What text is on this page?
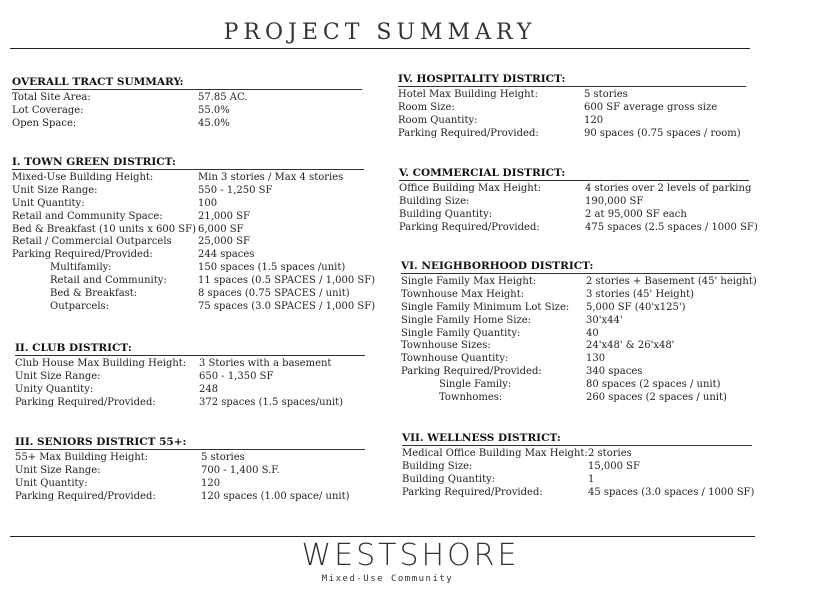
PROJECT SUMMARY
OVERALL TRACT SUMMARY:
Total Site Area:	57.85 AC.
Lot Coverage:	55.0%
Open Space:	45.0%
I. TOWN GREEN DISTRICT:
Mixed-Use Building Height:	Min 3 stories / Max 4 stories
Unit Size Range:	550 - 1,250 SF
Unit Quantity:	100
Retail and Community Space:	21,000 SF
Bed & Breakfast (10 units x 600 SF) 6,000 SF
Retail / Commercial Outparcels	25,000 SF
Parking Required/Provided:	244 spaces
Multifamily:	150 spaces (1.5 spaces /unit)
Retail and Community:	11 spaces (0.5 SPACES / 1,000 SF)
Bed & Breakfast:	8 spaces (0.75 SPACES / unit)
Outparcels:	75 spaces (3.0 SPACES / 1,000 SF)
II. CLUB DISTRICT:
Club House Max Building Height: 3 Stories with a basement
Unit Size Range:	650 - 1,350 SF
Unity Quantity:	248
Parking Required/Provided:	372 spaces (1.5 spaces/unit)
III. SENIORS DISTRICT 55+:
55+ Max Building Height:	5 stories
Unit Size Range:	700 - 1,400 S.F.
Unit Quantity:	120
Parking Required/Provided:	120 spaces (1.00 space/ unit)
IV. HOSPITALITY DISTRICT:
Hotel Max Building Height:	5 stories
Room Size:	600 SF average gross size
Room Quantity:	120
Parking Required/Provided:	90 spaces (0.75 spaces / room)
V. COMMERCIAL DISTRICT:
Office Building Max Height:	4 stories over 2 levels of parking
Building Size:	190,000 SF
Building Quantity:	2 at 95,000 SF each
Parking Required/Provided:	475 spaces (2.5 spaces / 1000 SF)
VI. NEIGHBORHOOD DISTRICT:
Single Family Max Height:	2 stories + Basement (45' height)
Townhouse Max Height:	3 stories (45' Height)
Single Family Minimum Lot Size: 5,000 SF (40'x125')
Single Family Home Size:	30'x44'
Single Family Quantity:	40
Townhouse Sizes:	24'x48' & 26'x48'
Townhouse Quantity:	130
Parking Required/Provided:	340 spaces
Single Family:	80 spaces (2 spaces / unit)
Townhomes:	260 spaces (2 spaces / unit)
VII. WELLNESS DISTRICT:
Medical Office Building Max Height: 2 stories
Building Size:	15,000 SF
Building Quantity:	1
Parking Required/Provided:	45 spaces (3.0 spaces / 1000 SF)
WESTSHORE
Mixed-Use Community
